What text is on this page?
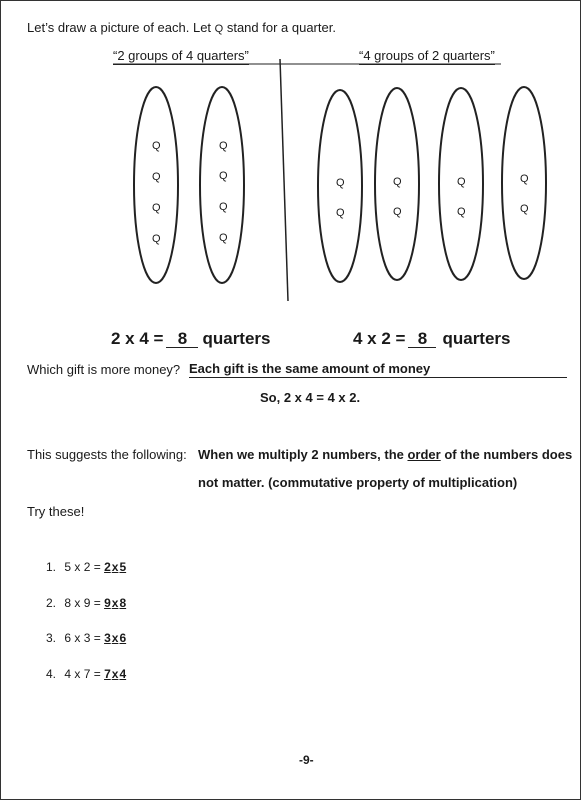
Let’s draw a picture of each. Let Q stand for a quarter.
“2 groups of 4 quarters”	“4 groups of 2 quarters”
Q
Q
Q
Q
Q
Q
Q
Q
Q
Q
Q
Q
Q
Q
Q
Q
2 x 4 = 8 quarters	4 x 2 = 8 quarters
Which gift is more money? Each gift is the same amount of money
So, 2 x 4 = 4 x 2.
This suggests the following: When we multiply 2 numbers, the order of the numbers does
not matter. (commutative property of multiplication)
Try these!
1. 5 x 2 = 2x5
2. 8 x 9 = 9x8
3. 6 x 3 = 3x6
4. 4 x 7 = 7x4
-9-
